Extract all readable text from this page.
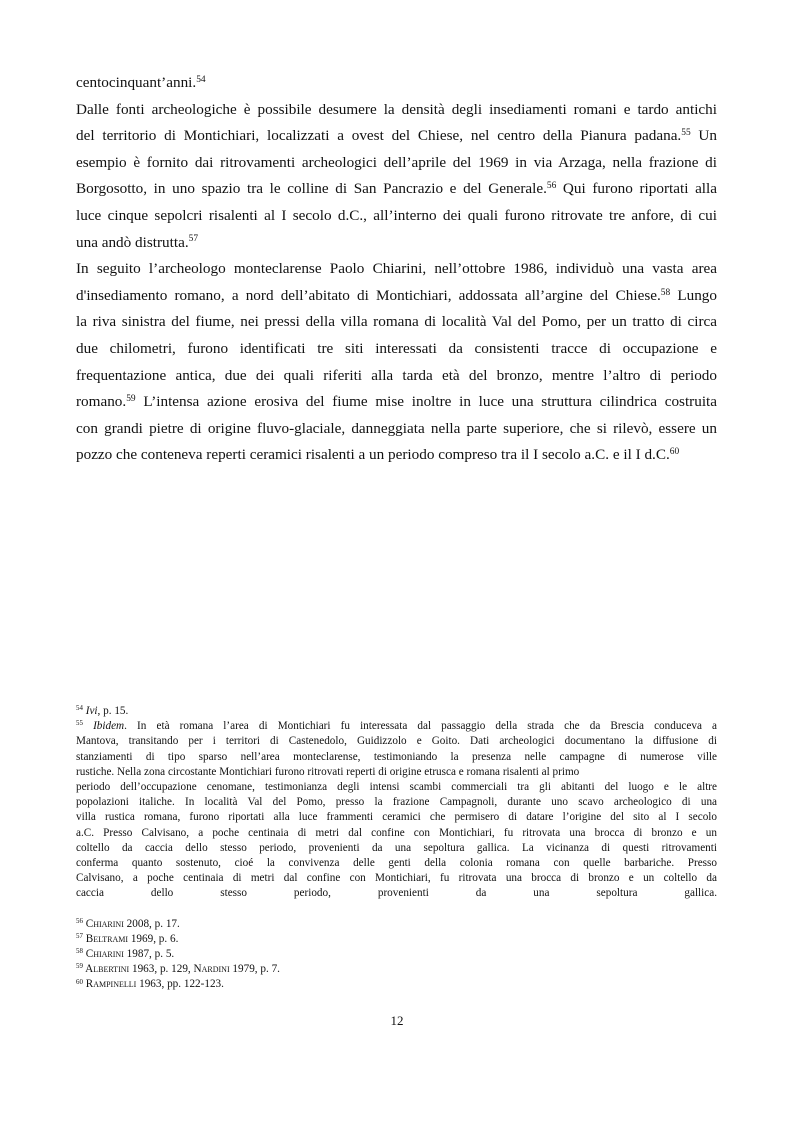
centocinquant’anni.$^{54}$
Dalle fonti archeologiche è possibile desumere la densità degli insediamenti romani e tardo antichi
del territorio di Montichiari, localizzati a ovest del Chiese, nel centro della Pianura padana.$^{55}$ Un
esempio è fornito dai ritrovamenti archeologici dell’aprile del 1969 in via Arzaga, nella frazione di
Borgosotto, in uno spazio tra le colline di San Pancrazio e del Generale.$^{56}$ Qui furono riportati alla
luce cinque sepolcri risalenti al I secolo d.C., all’interno dei quali furono ritrovate tre anfore, di cui
una andò distrutta.$^{57}$
In seguito l’archeologo monteclarense Paolo Chiarini, nell’ottobre 1986, individuò una vasta area
d'insediamento romano, a nord dell’abitato di Montichiari, addossata all’argine del Chiese.$^{58}$ Lungo
la riva sinistra del fiume, nei pressi della villa romana di località Val del Pomo, per un tratto di circa
due chilometri, furono identificati tre siti interessati da consistenti tracce di occupazione e
frequentazione antica, due dei quali riferiti alla tarda età del bronzo, mentre l’altro di periodo
romano.$^{59}$ L’intensa azione erosiva del fiume mise inoltre in luce una struttura cilindrica costruita
con grandi pietre di origine fluvo-glaciale, danneggiata nella parte superiore, che si rilevò, essere un
pozzo che conteneva reperti ceramici risalenti a un periodo compreso tra il I secolo a.C. e il I d.C.$^{60}$
$^{54}$ Ivi, p. 15.
$^{55}$ Ibidem. In età romana l’area di Montichiari fu interessata dal passaggio della strada che da Brescia conduceva a
Mantova, transitando per i territori di Castenedolo, Guidizzolo e Goito. Dati archeologici documentano la diffusione di
stanziamenti di tipo sparso nell’area monteclarense, testimoniando la presenza nelle campagne di numerose ville
rustiche. Nella zona circostante Montichiari furono ritrovati reperti di origine etrusca e romana risalenti al primo
periodo dell’occupazione cenomane, testimonianza degli intensi scambi commerciali tra gli abitanti del luogo e le altre
popolazioni italiche. In località Val del Pomo, presso la frazione Campagnoli, durante uno scavo archeologico di una
villa rustica romana, furono riportati alla luce frammenti ceramici che permisero di datare l’origine del sito al I secolo
a.C. Presso Calvisano, a poche centinaia di metri dal confine con Montichiari, fu ritrovata una brocca di bronzo e un
coltello da caccia dello stesso periodo, provenienti da una sepoltura gallica. La vicinanza di questi ritrovamenti
conferma quanto sostenuto, cioé la convivenza delle genti della colonia romana con quelle barbariche. Presso
Calvisano, a poche centinaia di metri dal confine con Montichiari, fu ritrovata una brocca di bronzo e un coltello da
caccia dello stesso periodo, provenienti da una sepoltura gallica.
$^{56}$ Chiarini 2008, p. 17.
$^{57}$ Beltrami 1969, p. 6.
$^{58}$ Chiarini 1987, p. 5.
$^{59}$ Albertini 1963, p. 129, Nardini 1979, p. 7.
$^{60}$ Rampinelli 1963, pp. 122-123.
12
